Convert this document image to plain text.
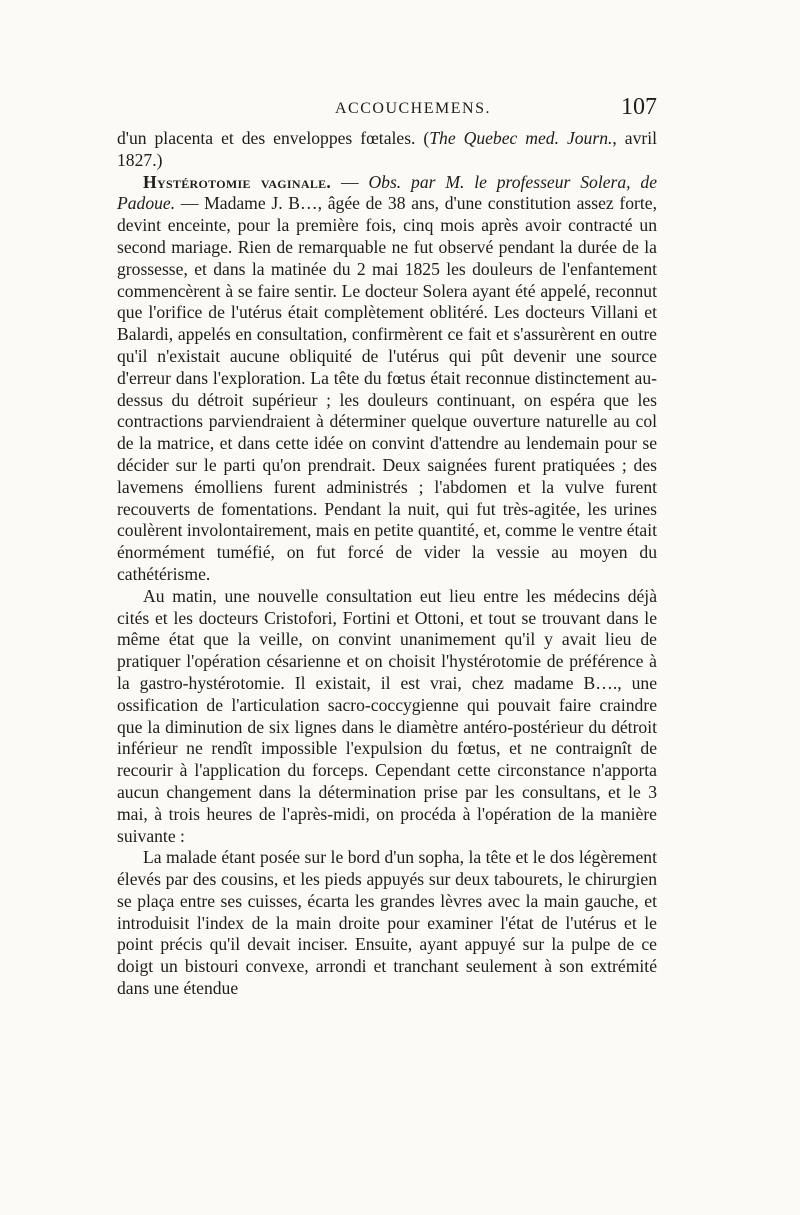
ACCOUCHEMENS.	107

d'un placenta et des enveloppes fœtales. (The Quebec med. Journ., avril 1827.)

Hystérotomie vaginale. — Obs. par M. le professeur Solera, de Padoue. — Madame J. B…, âgée de 38 ans, d'une constitution assez forte, devint enceinte, pour la première fois, cinq mois après avoir contracté un second mariage. Rien de remarquable ne fut observé pendant la durée de la grossesse, et dans la matinée du 2 mai 1825 les douleurs de l'enfantement commencèrent à se faire sentir. Le docteur Solera ayant été appelé, reconnut que l'orifice de l'utérus était complètement oblitéré. Les docteurs Villani et Balardi, appelés en consultation, confirmèrent ce fait et s'assurèrent en outre qu'il n'existait aucune obliquité de l'utérus qui pût devenir une source d'erreur dans l'exploration. La tête du fœtus était reconnue distinctement au-dessus du détroit supérieur ; les douleurs continuant, on espéra que les contractions parviendraient à déterminer quelque ouverture naturelle au col de la matrice, et dans cette idée on convint d'attendre au lendemain pour se décider sur le parti qu'on prendrait. Deux saignées furent pratiquées ; des lavemens émolliens furent administrés ; l'abdomen et la vulve furent recouverts de fomentations. Pendant la nuit, qui fut très-agitée, les urines coulèrent involontairement, mais en petite quantité, et, comme le ventre était énormément tuméfié, on fut forcé de vider la vessie au moyen du cathétérisme.

Au matin, une nouvelle consultation eut lieu entre les médecins déjà cités et les docteurs Cristofori, Fortini et Ottoni, et tout se trouvant dans le même état que la veille, on convint unanimement qu'il y avait lieu de pratiquer l'opération césarienne et on choisit l'hystérotomie de préférence à la gastro-hystérotomie. Il existait, il est vrai, chez madame B…., une ossification de l'articulation sacro-coccygienne qui pouvait faire craindre que la diminution de six lignes dans le diamètre antéro-postérieur du détroit inférieur ne rendît impossible l'expulsion du fœtus, et ne contraignît de recourir à l'application du forceps. Cependant cette circonstance n'apporta aucun changement dans la détermination prise par les consultans, et le 3 mai, à trois heures de l'après-midi, on procéda à l'opération de la manière suivante :

La malade étant posée sur le bord d'un sopha, la tête et le dos légèrement élevés par des cousins, et les pieds appuyés sur deux tabourets, le chirurgien se plaça entre ses cuisses, écarta les grandes lèvres avec la main gauche, et introduisit l'index de la main droite pour examiner l'état de l'utérus et le point précis qu'il devait inciser. Ensuite, ayant appuyé sur la pulpe de ce doigt un bistouri convexe, arrondi et tranchant seulement à son extrémité dans une étendue
